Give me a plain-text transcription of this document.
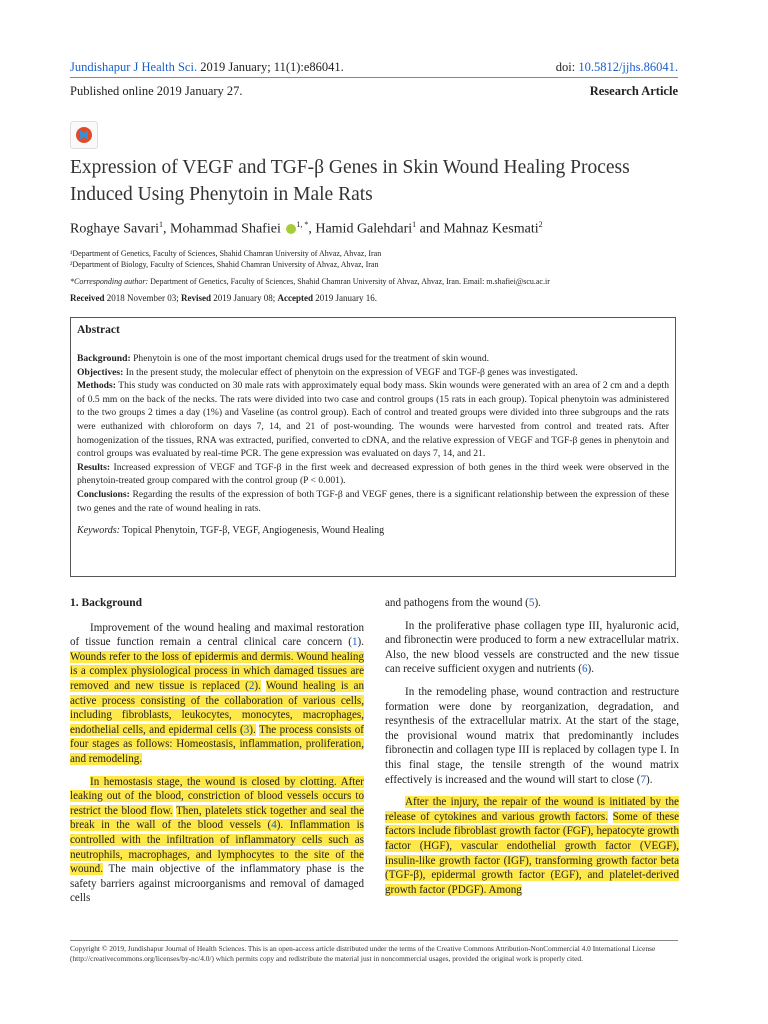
Jundishapur J Health Sci. 2019 January; 11(1):e86041.	doi: 10.5812/jjhs.86041.
Published online 2019 January 27.	Research Article
Expression of VEGF and TGF-β Genes in Skin Wound Healing Process Induced Using Phenytoin in Male Rats
Roghaye Savari$^1$, Mohammad Shafiei $^{1, *}$, Hamid Galehdari$^1$ and Mahnaz Kesmati$^2$
¹Department of Genetics, Faculty of Sciences, Shahid Chamran University of Ahvaz, Ahvaz, Iran
²Department of Biology, Faculty of Sciences, Shahid Chamran University of Ahvaz, Ahvaz, Iran
*Corresponding author: Department of Genetics, Faculty of Sciences, Shahid Chamran University of Ahvaz, Ahvaz, Iran. Email: m.shafiei@scu.ac.ir
Received 2018 November 03; Revised 2019 January 08; Accepted 2019 January 16.
Abstract

Background: Phenytoin is one of the most important chemical drugs used for the treatment of skin wound.

Objectives: In the present study, the molecular effect of phenytoin on the expression of VEGF and TGF-β genes was investigated.

Methods: This study was conducted on 30 male rats with approximately equal body mass. Skin wounds were generated with an area of 2 cm and a depth of 0.5 mm on the back of the necks. The rats were divided into two case and control groups (15 rats in each group). Topical phenytoin was administered to the two groups 2 times a day (1%) and Vaseline (as control group). Each of control and treated groups were divided into three subgroups and the rats were euthanized with chloroform on days 7, 14, and 21 of post-wounding. The wounds were harvested from control and treated rats. After homogenization of the tissues, RNA was extracted, purified, converted to cDNA, and the relative expression of VEGF and TGF-β genes in phenytoin and control groups was evaluated by real-time PCR. The gene expression was evaluated on days 7, 14, and 21.

Results: Increased expression of VEGF and TGF-β in the first week and decreased expression of both genes in the third week were observed in the phenytoin-treated group compared with the control group (P < 0.001).

Conclusions: Regarding the results of the expression of both TGF-β and VEGF genes, there is a significant relationship between the expression of these two genes and the rate of wound healing in rats.

Keywords: Topical Phenytoin, TGF-β, VEGF, Angiogenesis, Wound Healing
1. Background

Improvement of the wound healing and maximal restoration of tissue function remain a central clinical care concern (1). Wounds refer to the loss of epidermis and dermis. Wound healing is a complex physiological process in which damaged tissues are removed and new tissue is replaced (2). Wound healing is an active process consisting of the collaboration of various cells, including fibroblasts, leukocytes, monocytes, macrophages, endothelial cells, and epidermal cells (3). The process consists of four stages as follows: Homeostasis, inflammation, proliferation, and remodeling.

In hemostasis stage, the wound is closed by clotting. After leaking out of the blood, constriction of blood vessels occurs to restrict the blood flow. Then, platelets stick together and seal the break in the wall of the blood vessels (4). Inflammation is controlled with the infiltration of inflammatory cells such as neutrophils, macrophages, and lymphocytes to the site of the wound. The main objective of the inflammatory phase is the safety barriers against microorganisms and removal of damaged cells

and pathogens from the wound (5).

In the proliferative phase collagen type III, hyaluronic acid, and fibronectin were produced to form a new extracellular matrix. Also, the new blood vessels are constructed and the new tissue can receive sufficient oxygen and nutrients (6).

In the remodeling phase, wound contraction and restructure formation were done by reorganization, degradation, and resynthesis of the extracellular matrix. At the start of the stage, the provisional wound matrix that predominantly includes fibronectin and collagen type III is replaced by collagen type I. In this final stage, the tensile strength of the wound matrix effectively is increased and the wound will start to close (7).

After the injury, the repair of the wound is initiated by the release of cytokines and various growth factors. Some of these factors include fibroblast growth factor (FGF), hepatocyte growth factor (HGF), vascular endothelial growth factor (VEGF), insulin-like growth factor (IGF), transforming growth factor beta (TGF-β), epidermal growth factor (EGF), and platelet-derived growth factor (PDGF). Among

Copyright © 2019, Jundishapur Journal of Health Sciences. This is an open-access article distributed under the terms of the Creative Commons Attribution-NonCommercial 4.0 International License (http://creativecommons.org/licenses/by-nc/4.0/) which permits copy and redistribute the material just in noncommercial usages, provided the original work is properly cited.
